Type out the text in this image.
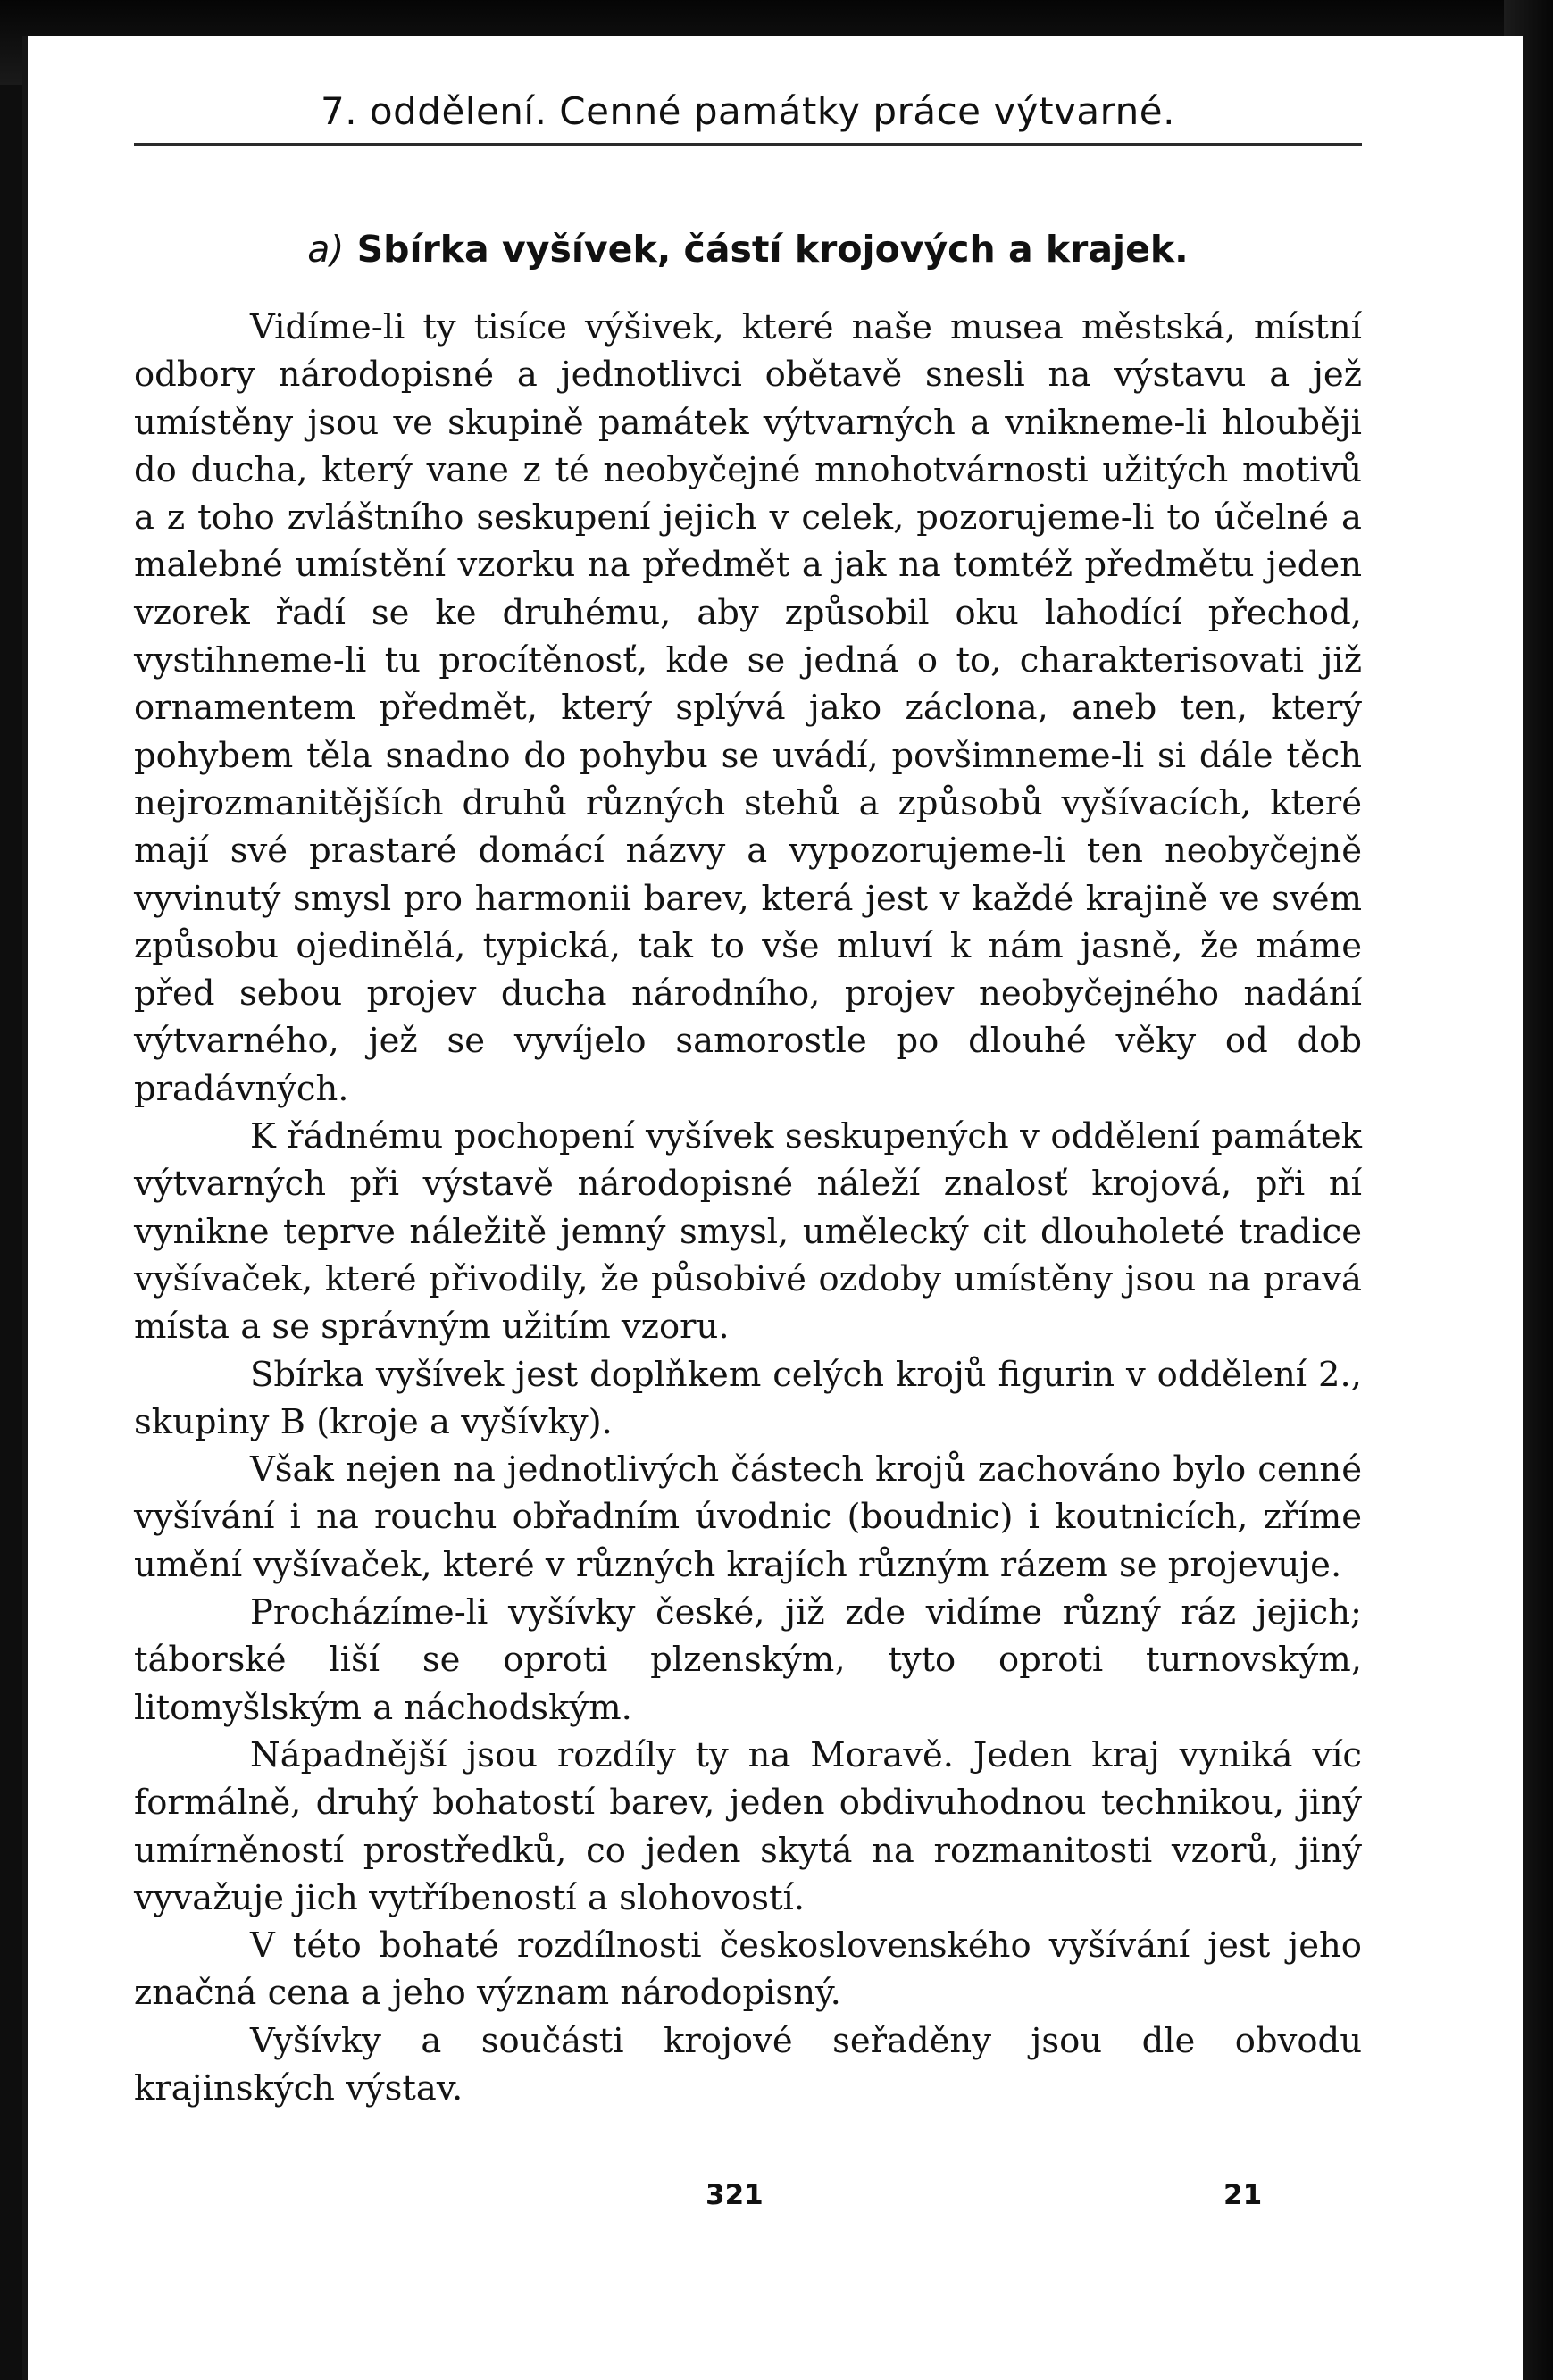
7. oddělení. Cenné památky práce výtvarné.
a) Sbírka vyšívek, částí krojových a krajek.

Vidíme-li ty tisíce výšivek, které naše musea městská, místní odbory národopisné a jednotlivci obětavě snesli na výstavu a jež umístěny jsou ve skupině památek výtvarných a vnikneme-li hlouběji do ducha, který vane z té neobyčejné mnohotvárnosti užitých motivů a z toho zvláštního seskupení jejich v celek, pozorujeme-li to účelné a malebné umístění vzorku na předmět a jak na tomtéž předmětu jeden vzorek řadí se ke druhému, aby způsobil oku lahodící přechod, vystihneme-li tu procítěnosť, kde se jedná o to, charakterisovati již ornamentem předmět, který splývá jako záclona, aneb ten, který pohybem těla snadno do pohybu se uvádí, povšimneme-li si dále těch nejrozmanitějších druhů různých stehů a způsobů vyšívacích, které mají své prastaré domácí názvy a vypozorujeme-li ten neobyčejně vyvinutý smysl pro harmonii barev, která jest v každé krajině ve svém způsobu ojedinělá, typická, tak to vše mluví k nám jasně, že máme před sebou projev ducha národního, projev neobyčejného nadání výtvarného, jež se vyvíjelo samorostle po dlouhé věky od dob pradávných.

K řádnému pochopení vyšívek seskupených v oddělení památek výtvarných při výstavě národopisné náleží znalosť krojová, při ní vynikne teprve náležitě jemný smysl, umělecký cit dlouholeté tradice vyšívaček, které přivodily, že působivé ozdoby umístěny jsou na pravá místa a se správným užitím vzoru.

Sbírka vyšívek jest doplňkem celých krojů figurin v oddělení 2., skupiny B (kroje a vyšívky).

Však nejen na jednotlivých částech krojů zachováno bylo cenné vyšívání i na rouchu obřadním úvodnic (boudnic) i koutnicích, zříme umění vyšívaček, které v různých krajích různým rázem se projevuje.

Procházíme-li vyšívky české, již zde vidíme různý ráz jejich; táborské liší se oproti plzenským, tyto oproti turnovským, litomyšlským a náchodským.

Nápadnější jsou rozdíly ty na Moravě. Jeden kraj vyniká víc formálně, druhý bohatostí barev, jeden obdivuhodnou technikou, jiný umírněností prostředků, co jeden skytá na rozmanitosti vzorů, jiný vyvažuje jich vytříbeností a slohovostí.

V této bohaté rozdílnosti československého vyšívání jest jeho značná cena a jeho význam národopisný.

Vyšívky a součásti krojové seřaděny jsou dle obvodu krajinských výstav.

321	21
